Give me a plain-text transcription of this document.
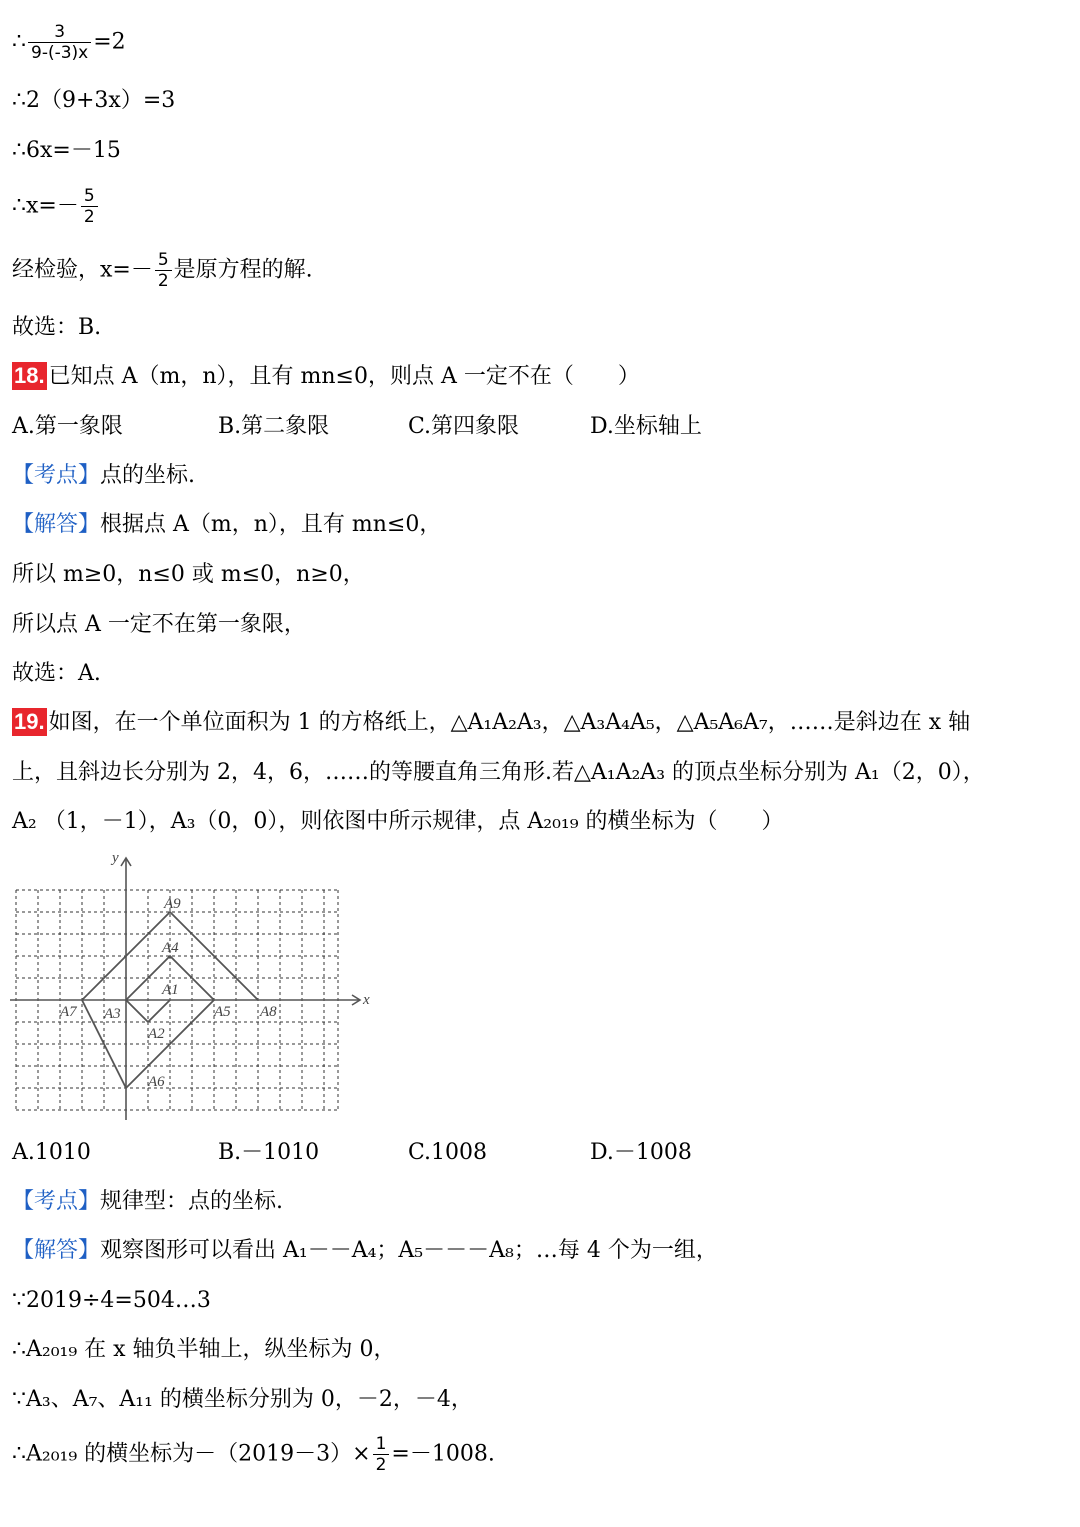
∴ $\frac{3}{9-(-3)x} =2$
∴2（9+3x）=3
∴6x=－15
∴x=－ $\frac{5}{2}$
经检验，$x=- \frac{5}{2}$ 是原方程的解.
故选：B.
18. 已知点 A（m，n），且有 mn≤0，则点 A 一定不在（　　）
A.第一象限	B.第二象限	C.第四象限	D.坐标轴上
【考点】点的坐标.
【解答】根据点 A（m，n），且有 mn≤0，
所以 m≥0，n≤0 或 m≤0，n≥0，
所以点 A 一定不在第一象限，
故选：A.
19. 如图，在一个单位面积为 1 的方格纸上，△A₁A₂A₃，△A₃A₄A₅，△A₅A₆A₇，……是斜边在 x 轴
上，且斜边长分别为 2，4，6，……的等腰直角三角形.若△A₁A₂A₃ 的顶点坐标分别为 A₁（2，0），
A₂ （1，－1），A₃（0，0），则依图中所示规律，点 A₂₀₁₉ 的横坐标为（　　）
y
x
A9
A4
A1
A7 A3	A5
A2
A6
A8
A.1010	B.－1010	C.1008	D.－1008
【考点】规律型：点的坐标.
【解答】观察图形可以看出 A₁－－A₄；A₅－－－A₈；…每 4 个为一组，
∵2019÷4=504…3
∴A₂₀₁₉ 在 x 轴负半轴上，纵坐标为 0，
∵A₃、A₇、A₁₁ 的横坐标分别为 0，－2，－4，
∴A₂₀₁₉ 的横坐标为$-(2019-3)\times \frac{1}{2} =-1008$.
